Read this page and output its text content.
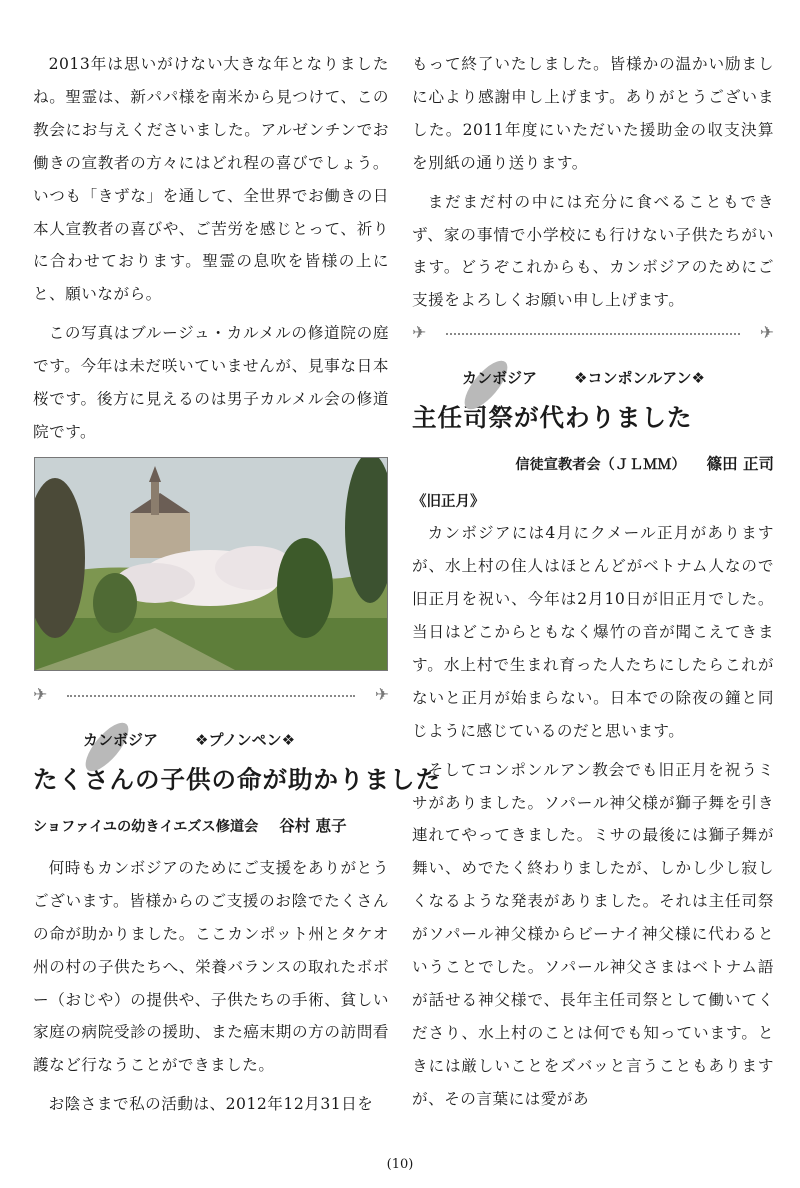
2013年は思いがけない大きな年となりましたね。聖霊は、新パパ様を南米から見つけて、この教会にお与えくださいました。アルゼンチンでお働きの宣教者の方々にはどれ程の喜びでしょう。いつも「きずな」を通して、全世界でお働きの日本人宣教者の喜びや、ご苦労を感じとって、祈りに合わせております。聖霊の息吹を皆様の上にと、願いながら。

この写真はブルージュ・カルメルの修道院の庭です。今年は未だ咲いていませんが、見事な日本桜です。後方に見えるのは男子カルメル会の修道院です。

✈	✈
カンボジア ❖プノンペン❖
たくさんの子供の命が助かりました
ショファイユの幼きイエズス修道会 谷村 恵子

何時もカンボジアのためにご支援をありがとうございます。皆様からのご支援のお陰でたくさんの命が助かりました。ここカンポット州とタケオ州の村の子供たちへ、栄養バランスの取れたボボー（おじや）の提供や、子供たちの手術、貧しい家庭の病院受診の援助、また癌末期の方の訪問看護など行なうことができました。

お陰さまで私の活動は、2012年12月31日を

もって終了いたしました。皆様かの温かい励ましに心より感謝申し上げます。ありがとうございました。2011年度にいただいた援助金の収支決算を別紙の通り送ります。

まだまだ村の中には充分に食べることもできず、家の事情で小学校にも行けない子供たちがいます。どうぞこれからも、カンボジアのためにご支援をよろしくお願い申し上げます。

✈	✈
カンボジア ❖コンポンルアン❖
主任司祭が代わりました
信徒宣教者会（ＪＬＭＭ） 篠田 正司
《旧正月》

カンボジアには4月にクメール正月がありますが、水上村の住人はほとんどがベトナム人なので旧正月を祝い、今年は2月10日が旧正月でした。当日はどこからともなく爆竹の音が聞こえてきます。水上村で生まれ育った人たちにしたらこれがないと正月が始まらない。日本での除夜の鐘と同じように感じているのだと思います。

そしてコンポンルアン教会でも旧正月を祝うミサがありました。ソパール神父様が獅子舞を引き連れてやってきました。ミサの最後には獅子舞が舞い、めでたく終わりましたが、しかし少し寂しくなるような発表がありました。それは主任司祭がソパール神父様からビーナイ神父様に代わるということでした。ソパール神父さまはベトナム語が話せる神父様で、長年主任司祭として働いてくださり、水上村のことは何でも知っています。ときには厳しいことをズバッと言うこともありますが、その言葉には愛があ

(10)
